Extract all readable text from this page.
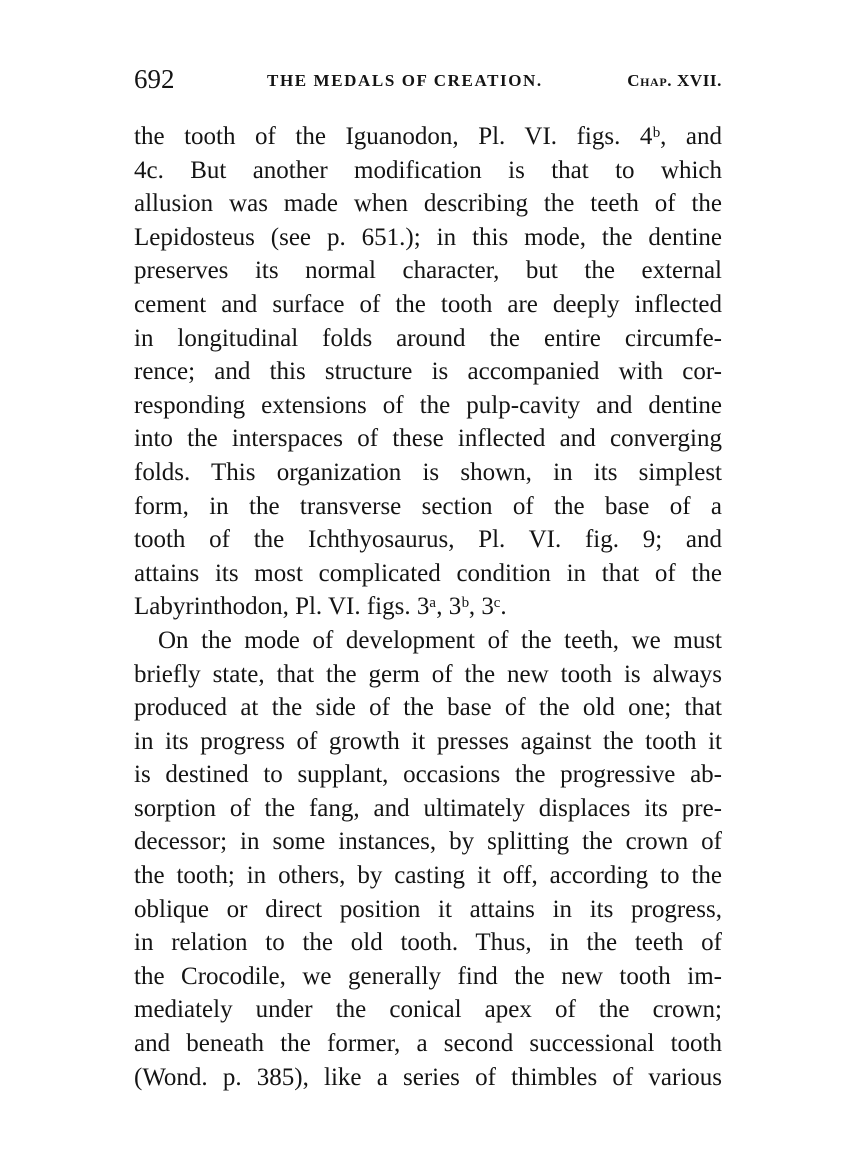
692	THE MEDALS OF CREATION.	Chap. XVII.
the tooth of the Iguanodon, Pl. VI. figs. 4ᵇ, and
4c. But another modification is that to which
allusion was made when describing the teeth of the
Lepidosteus (see p. 651.); in this mode, the dentine
preserves its normal character, but the external
cement and surface of the tooth are deeply inflected
in longitudinal folds around the entire circumfe-
rence; and this structure is accompanied with cor-
responding extensions of the pulp-cavity and dentine
into the interspaces of these inflected and converging
folds. This organization is shown, in its simplest
form, in the transverse section of the base of a
tooth of the Ichthyosaurus, Pl. VI. fig. 9; and
attains its most complicated condition in that of the
Labyrinthodon, Pl. VI. figs. 3ᵃ, 3ᵇ, 3ᶜ.
On the mode of development of the teeth, we must
briefly state, that the germ of the new tooth is always
produced at the side of the base of the old one; that
in its progress of growth it presses against the tooth it
is destined to supplant, occasions the progressive ab-
sorption of the fang, and ultimately displaces its pre-
decessor; in some instances, by splitting the crown of
the tooth; in others, by casting it off, according to the
oblique or direct position it attains in its progress,
in relation to the old tooth. Thus, in the teeth of
the Crocodile, we generally find the new tooth im-
mediately under the conical apex of the crown;
and beneath the former, a second successional tooth
(Wond. p. 385), like a series of thimbles of various
